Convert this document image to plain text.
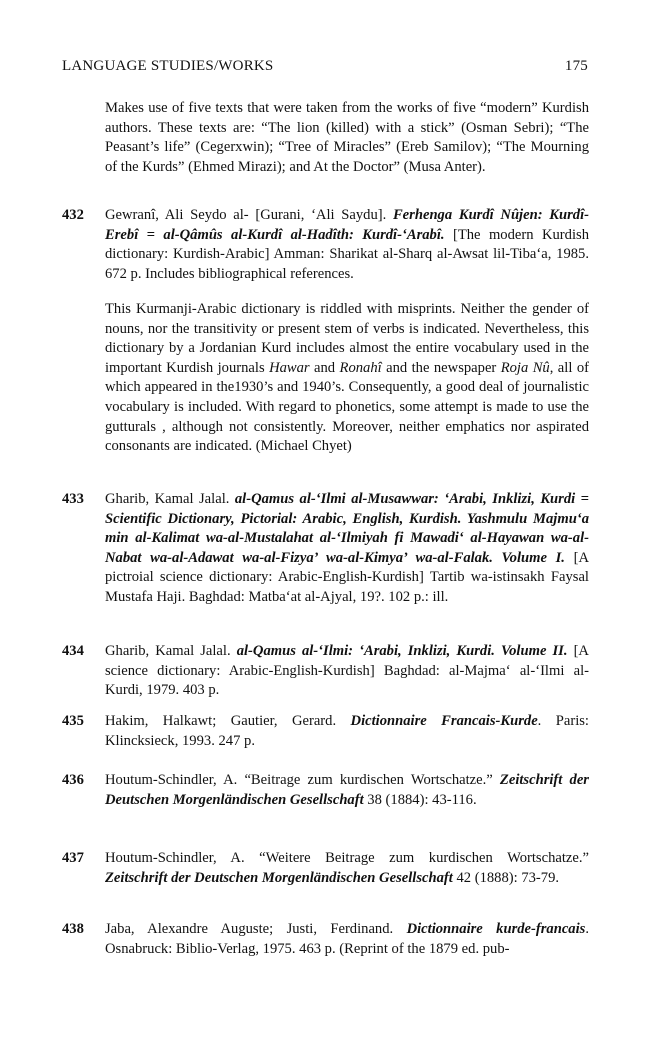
LANGUAGE STUDIES/WORKS	175

Makes use of five texts that were taken from the works of five “modern” Kurdish authors. These texts are: “The lion (killed) with a stick” (Osman Sebri); “The Peasant’s life” (Cegerxwin); “Tree of Miracles” (Ereb Samilov); “The Mourning of the Kurds” (Ehmed Mirazi); and At the Doctor” (Musa Anter).

432	Gewranî, Ali Seydo al- [Gurani, ‘Ali Saydu]. Ferhenga Kurdî Nûjen: Kurdî-Erebî = al-Qâmûs al-Kurdî al-Hadîth: Kurdî-‘Arabî. [The modern Kurdish dictionary: Kurdish-Arabic] Amman: Sharikat al-Sharq al-Awsat lil-Tiba‘a, 1985. 672 p. Includes bibliographical references.

This Kurmanji-Arabic dictionary is riddled with misprints. Neither the gender of nouns, nor the transitivity or present stem of verbs is indicated. Nevertheless, this dictionary by a Jordanian Kurd includes almost the entire vocabulary used in the important Kurdish journals Hawar and Ronahî and the newspaper Roja Nû, all of which appeared in the1930’s and 1940’s. Consequently, a good deal of journalistic vocabulary is included. With regard to phonetics, some attempt is made to use the gutturals , although not consistently. Moreover, neither emphatics nor aspirated consonants are indicated. (Michael Chyet)

433	Gharib, Kamal Jalal. al-Qamus al-‘Ilmi al-Musawwar: ‘Arabi, Inklizi, Kurdi = Scientific Dictionary, Pictorial: Arabic, English, Kurdish. Yashmulu Majmu‘a min al-Kalimat wa-al-Mustalahat al-‘Ilmiyah fi Mawadi‘ al-Hayawan wa-al-Nabat wa-al-Adawat wa-al-Fizya’ wa-al-Kimya’ wa-al-Falak. Volume I. [A pictroial science dictionary: Arabic-English-Kurdish] Tartib wa-istinsakh Faysal Mustafa Haji. Baghdad: Matba‘at al-Ajyal, 19?. 102 p.: ill.

434	Gharib, Kamal Jalal. al-Qamus al-‘Ilmi: ‘Arabi, Inklizi, Kurdi. Volume II. [A science dictionary: Arabic-English-Kurdish] Baghdad: al-Majma‘ al-‘Ilmi al-Kurdi, 1979. 403 p.

435	Hakim, Halkawt; Gautier, Gerard. Dictionnaire Francais-Kurde. Paris: Klincksieck, 1993. 247 p.

436	Houtum-Schindler, A. “Beitrage zum kurdischen Wortschatze.” Zeitschrift der Deutschen Morgenländischen Gesellschaft 38 (1884): 43-116.

437	Houtum-Schindler, A. “Weitere Beitrage zum kurdischen Wortschatze.” Zeitschrift der Deutschen Morgenländischen Gesellschaft 42 (1888): 73-79.

438	Jaba, Alexandre Auguste; Justi, Ferdinand. Dictionnaire kurde-francais. Osnabruck: Biblio-Verlag, 1975. 463 p. (Reprint of the 1879 ed. pub-
